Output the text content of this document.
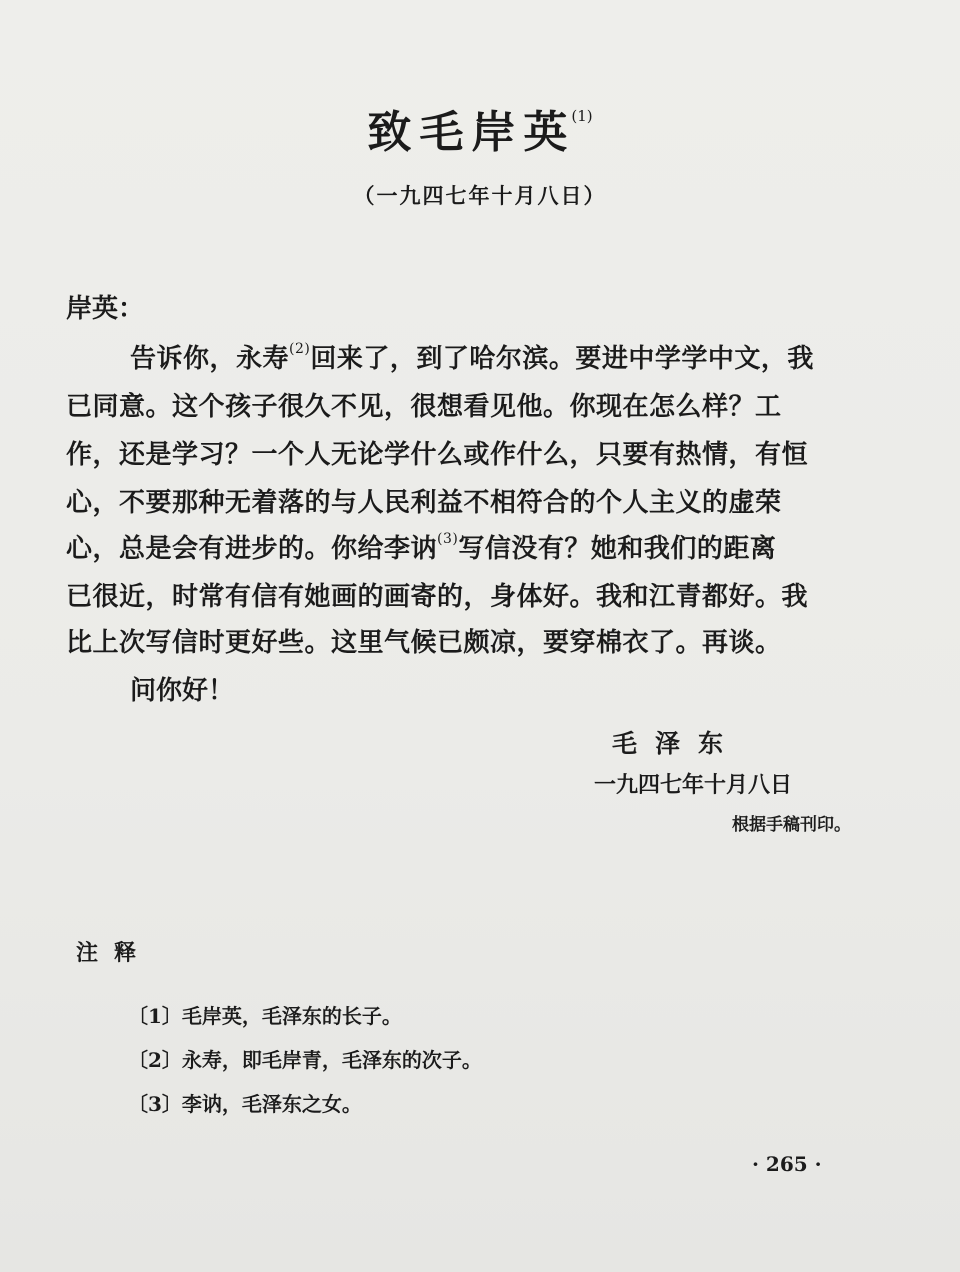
致毛岸英$^{(1)}$
（一九四七年十月八日）
岸英：
告诉你，永寿$^{(2)}$回来了，到了哈尔滨。要进中学学中文，我
已同意。这个孩子很久不见，很想看见他。你现在怎么样？工
作，还是学习？一个人无论学什么或作什么，只要有热情，有恒
心，不要那种无着落的与人民利益不相符合的个人主义的虚荣
心，总是会有进步的。你给李讷$^{(3)}$写信没有？她和我们的距离
已很近，时常有信有她画的画寄的，身体好。我和江青都好。我
比上次写信时更好些。这里气候已颇凉，要穿棉衣了。再谈。
问你好！
毛泽东
一九四七年十月八日
根据手稿刊印。
注释
〔1〕毛岸英，毛泽东的长子。
〔2〕永寿，即毛岸青，毛泽东的次子。
〔3〕李讷，毛泽东之女。
· 265 ·
